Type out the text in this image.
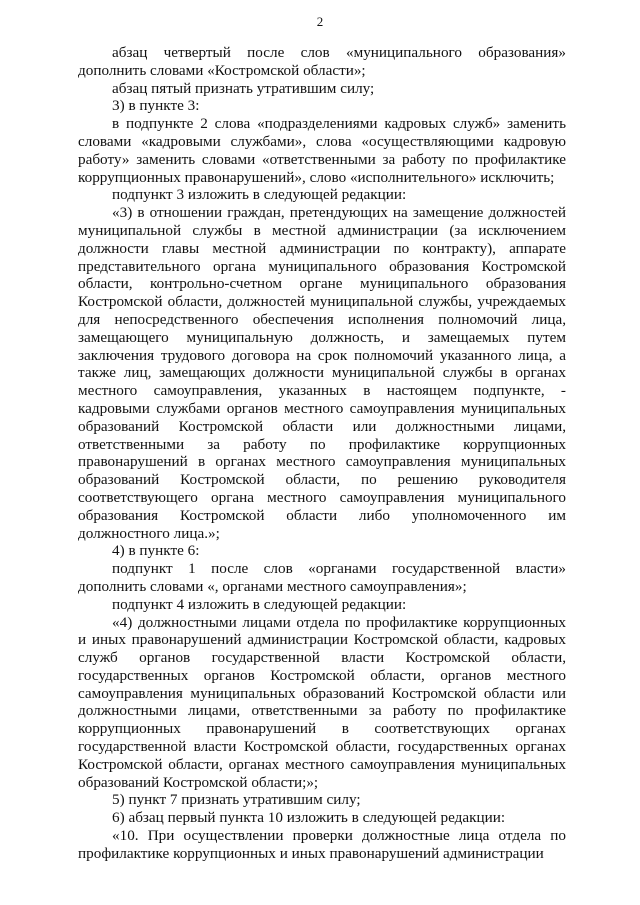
2

абзац четвертый после слов «муниципального образования» дополнить словами «Костромской области»;

абзац пятый признать утратившим силу;

3) в пункте 3:

в подпункте 2 слова «подразделениями кадровых служб» заменить словами «кадровыми службами», слова «осуществляющими кадровую работу» заменить словами «ответственными за работу по профилактике коррупционных правонарушений», слово «исполнительного» исключить;

подпункт 3 изложить в следующей редакции:

«3) в отношении граждан, претендующих на замещение должностей муниципальной службы в местной администрации (за исключением должности главы местной администрации по контракту), аппарате представительного органа муниципального образования Костромской области, контрольно-счетном органе муниципального образования Костромской области, должностей муниципальной службы, учреждаемых для непосредственного обеспечения исполнения полномочий лица, замещающего муниципальную должность, и замещаемых путем заключения трудового договора на срок полномочий указанного лица, а также лиц, замещающих должности муниципальной службы в органах местного самоуправления, указанных в настоящем подпункте, - кадровыми службами органов местного самоуправления муниципальных образований Костромской области или должностными лицами, ответственными за работу по профилактике коррупционных правонарушений в органах местного самоуправления муниципальных образований Костромской области, по решению руководителя соответствующего органа местного самоуправления муниципального образования Костромской области либо уполномоченного им должностного лица.»;

4) в пункте 6:

подпункт 1 после слов «органами государственной власти» дополнить словами «, органами местного самоуправления»;

подпункт 4 изложить в следующей редакции:

«4) должностными лицами отдела по профилактике коррупционных и иных правонарушений администрации Костромской области, кадровых служб органов государственной власти Костромской области, государственных органов Костромской области, органов местного самоуправления муниципальных образований Костромской области или должностными лицами, ответственными за работу по профилактике коррупционных правонарушений в соответствующих органах государственной власти Костромской области, государственных органах Костромской области, органах местного самоуправления муниципальных образований Костромской области;»;

5) пункт 7 признать утратившим силу;

6) абзац первый пункта 10 изложить в следующей редакции:

«10. При осуществлении проверки должностные лица отдела по профилактике коррупционных и иных правонарушений администрации
